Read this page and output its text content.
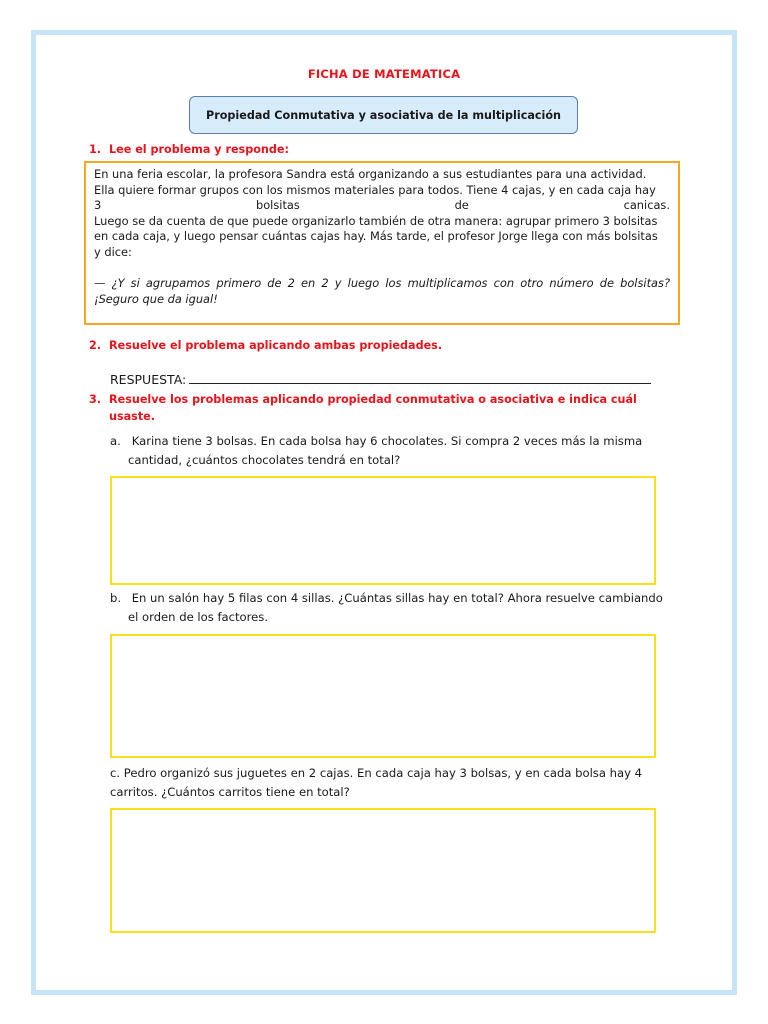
FICHA DE MATEMATICA
Propiedad Conmutativa y asociativa de la multiplicación
1. Lee el problema y responde:

En una feria escolar, la profesora Sandra está organizando a sus estudiantes para una actividad.

Ella quiere formar grupos con los mismos materiales para todos. Tiene 4 cajas, y en cada caja hay

3	bolsitas	de	canicas.

Luego se da cuenta de que puede organizarlo también de otra manera: agrupar primero 3 bolsitas

en cada caja, y luego pensar cuántas cajas hay. Más tarde, el profesor Jorge llega con más bolsitas

y dice:

— ¿Y si agrupamos primero de 2 en 2 y luego los multiplicamos con otro número de bolsitas? ¡Seguro que da igual!

2. Resuelve el problema aplicando ambas propiedades.
RESPUESTA:
3. Resuelve los problemas aplicando propiedad conmutativa o asociativa e indica cuál
usaste.
a. Karina tiene 3 bolsas. En cada bolsa hay 6 chocolates. Si compra 2 veces más la misma
cantidad, ¿cuántos chocolates tendrá en total?
b. En un salón hay 5 filas con 4 sillas. ¿Cuántas sillas hay en total? Ahora resuelve cambiando
el orden de los factores.
c. Pedro organizó sus juguetes en 2 cajas. En cada caja hay 3 bolsas, y en cada bolsa hay 4
carritos. ¿Cuántos carritos tiene en total?
